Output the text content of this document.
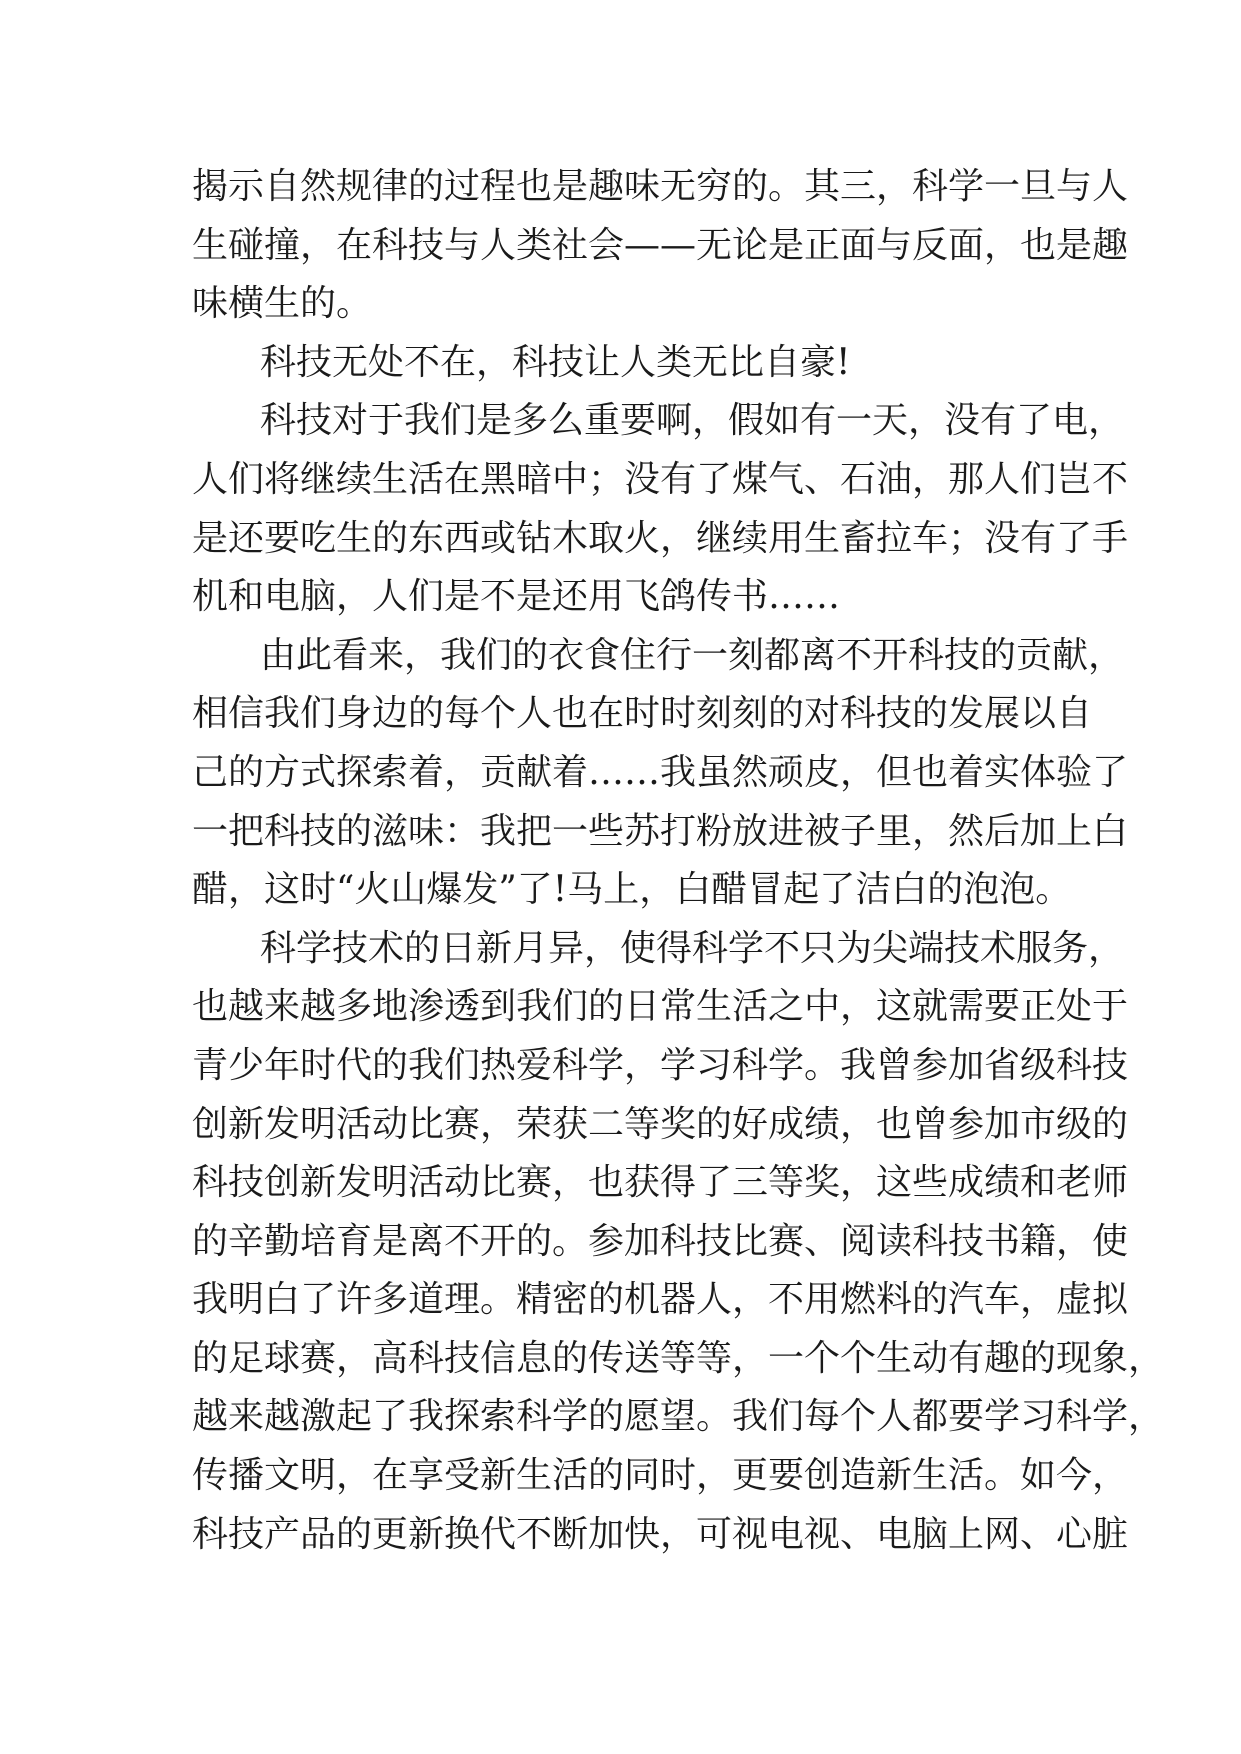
揭示自然规律的过程也是趣味无穷的。其三，科学一旦与人
生碰撞，在科技与人类社会——无论是正面与反面，也是趣
味横生的。
科技无处不在，科技让人类无比自豪!
科技对于我们是多么重要啊，假如有一天，没有了电，
人们将继续生活在黑暗中；没有了煤气、石油，那人们岂不
是还要吃生的东西或钻木取火，继续用生畜拉车；没有了手
机和电脑，人们是不是还用飞鸽传书……
由此看来，我们的衣食住行一刻都离不开科技的贡献，
相信我们身边的每个人也在时时刻刻的对科技的发展以自
己的方式探索着，贡献着……我虽然顽皮，但也着实体验了
一把科技的滋味：我把一些苏打粉放进被子里，然后加上白
醋，这时“火山爆发”了!马上，白醋冒起了洁白的泡泡。
科学技术的日新月异，使得科学不只为尖端技术服务，
也越来越多地渗透到我们的日常生活之中，这就需要正处于
青少年时代的我们热爱科学，学习科学。我曾参加省级科技
创新发明活动比赛，荣获二等奖的好成绩，也曾参加市级的
科技创新发明活动比赛，也获得了三等奖，这些成绩和老师
的辛勤培育是离不开的。参加科技比赛、阅读科技书籍，使
我明白了许多道理。精密的机器人，不用燃料的汽车，虚拟
的足球赛，高科技信息的传送等等，一个个生动有趣的现象，
越来越激起了我探索科学的愿望。我们每个人都要学习科学，
传播文明，在享受新生活的同时，更要创造新生活。如今，
科技产品的更新换代不断加快，可视电视、电脑上网、心脏
